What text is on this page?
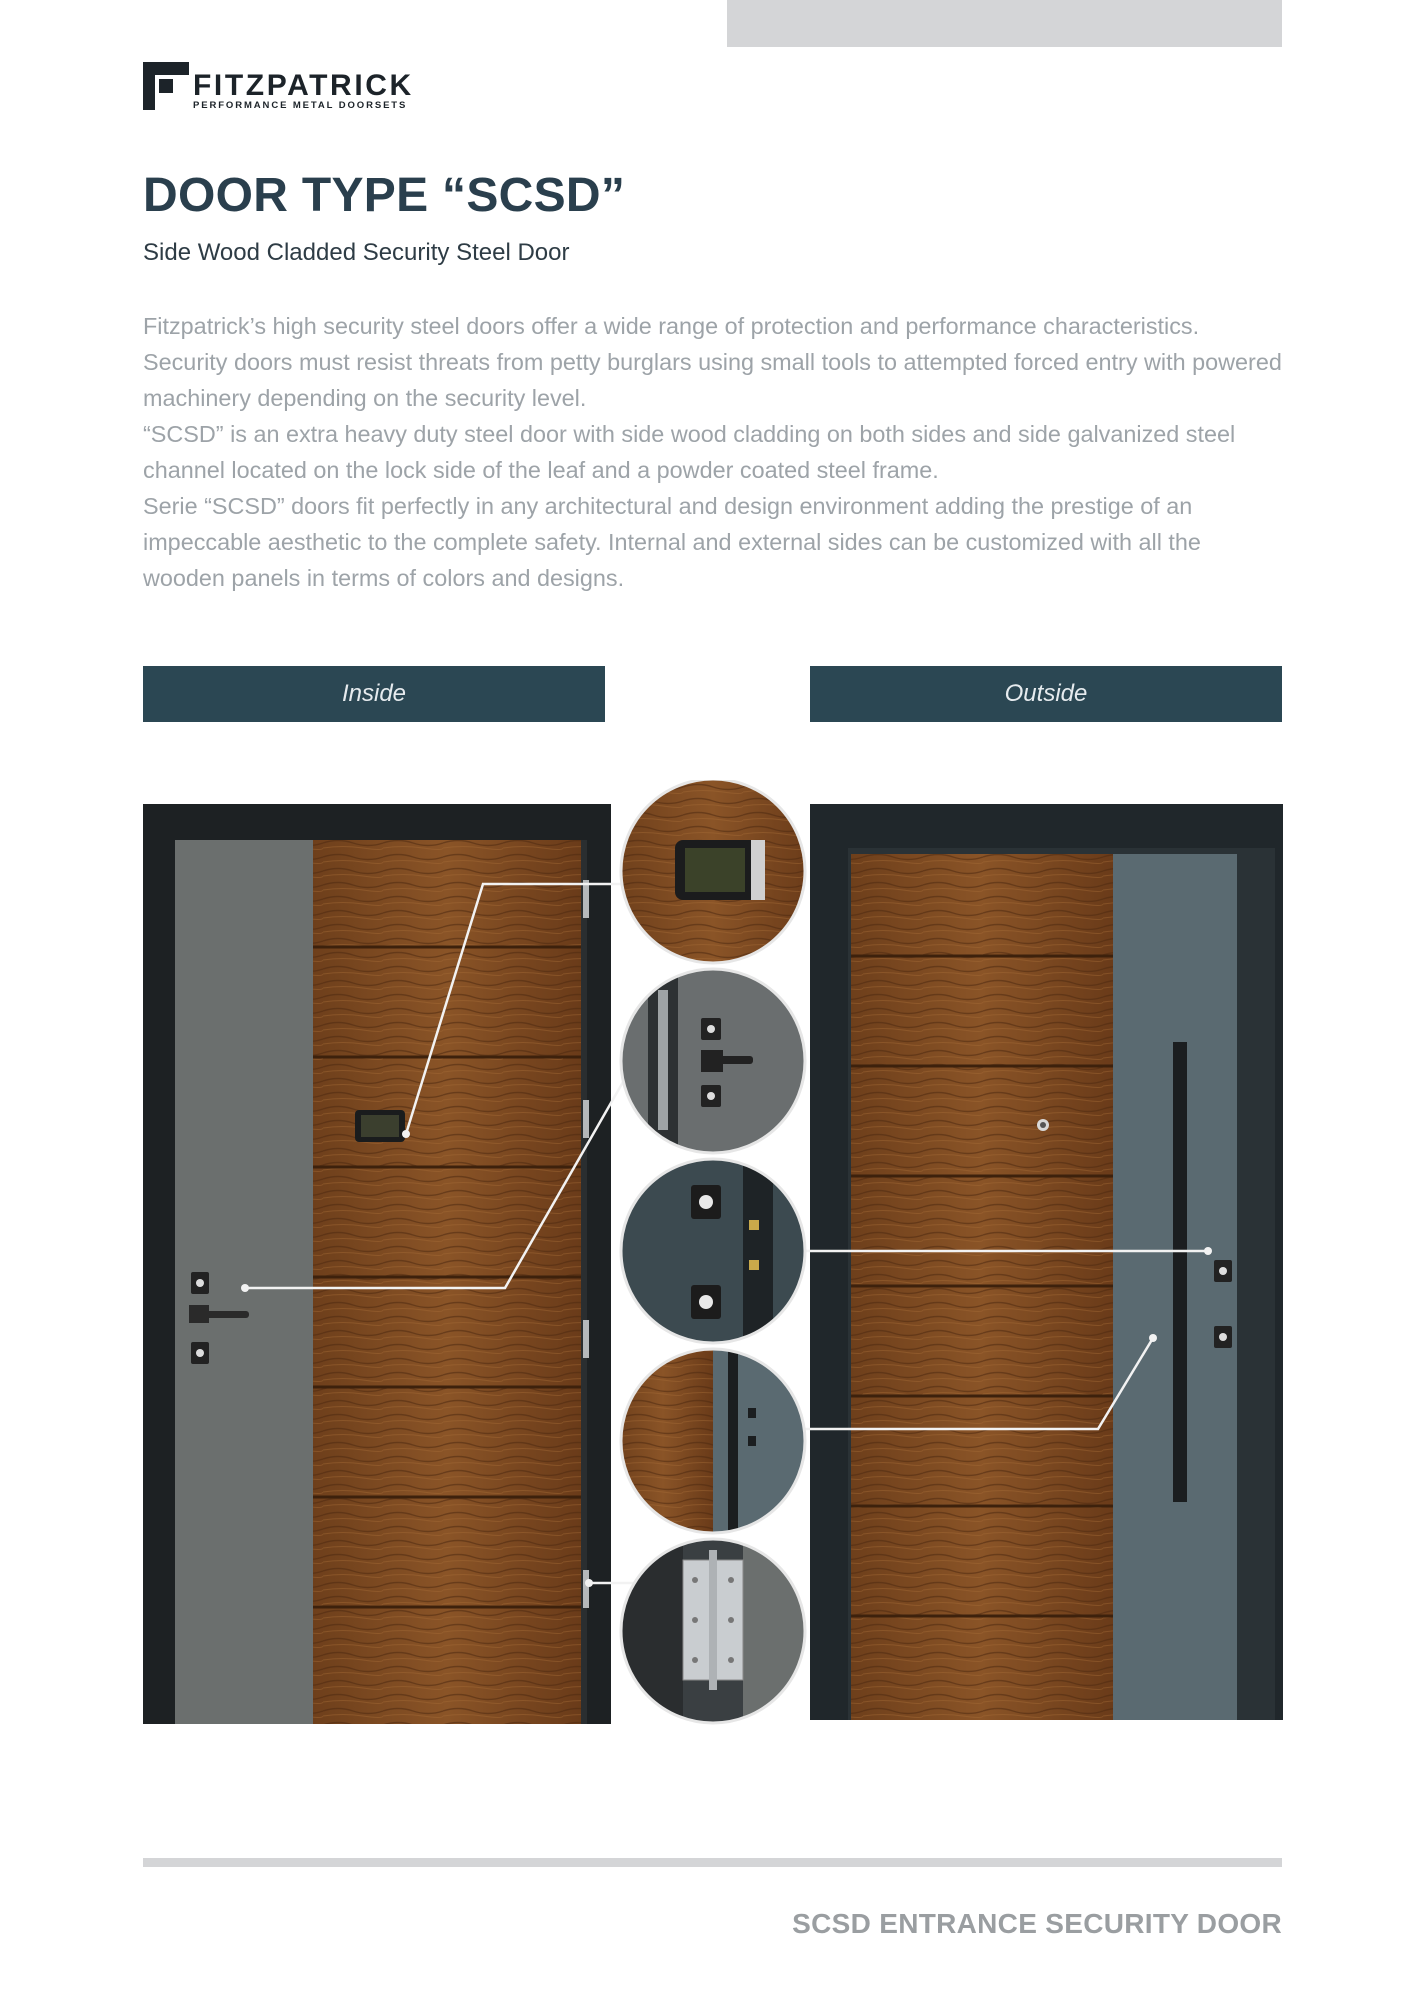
FITZPATRICK
PERFORMANCE METAL DOORSETS
DOOR TYPE “SCSD”
Side Wood Cladded Security Steel Door

Fitzpatrick’s high security steel doors offer a wide range of protection and performance characteristics. Security doors must resist threats from petty burglars using small tools to attempted forced entry with powered machinery depending on the security level.

“SCSD” is an extra heavy duty steel door with side wood cladding on both sides and side galvanized steel channel located on the lock side of the leaf and a powder coated steel frame.

Serie “SCSD” doors fit perfectly in any architectural and design environment adding the prestige of an impeccable aesthetic to the complete safety. Internal and external sides can be customized with all the wooden panels in terms of colors and designs.

Inside	Outside
SCSD ENTRANCE SECURITY DOOR
